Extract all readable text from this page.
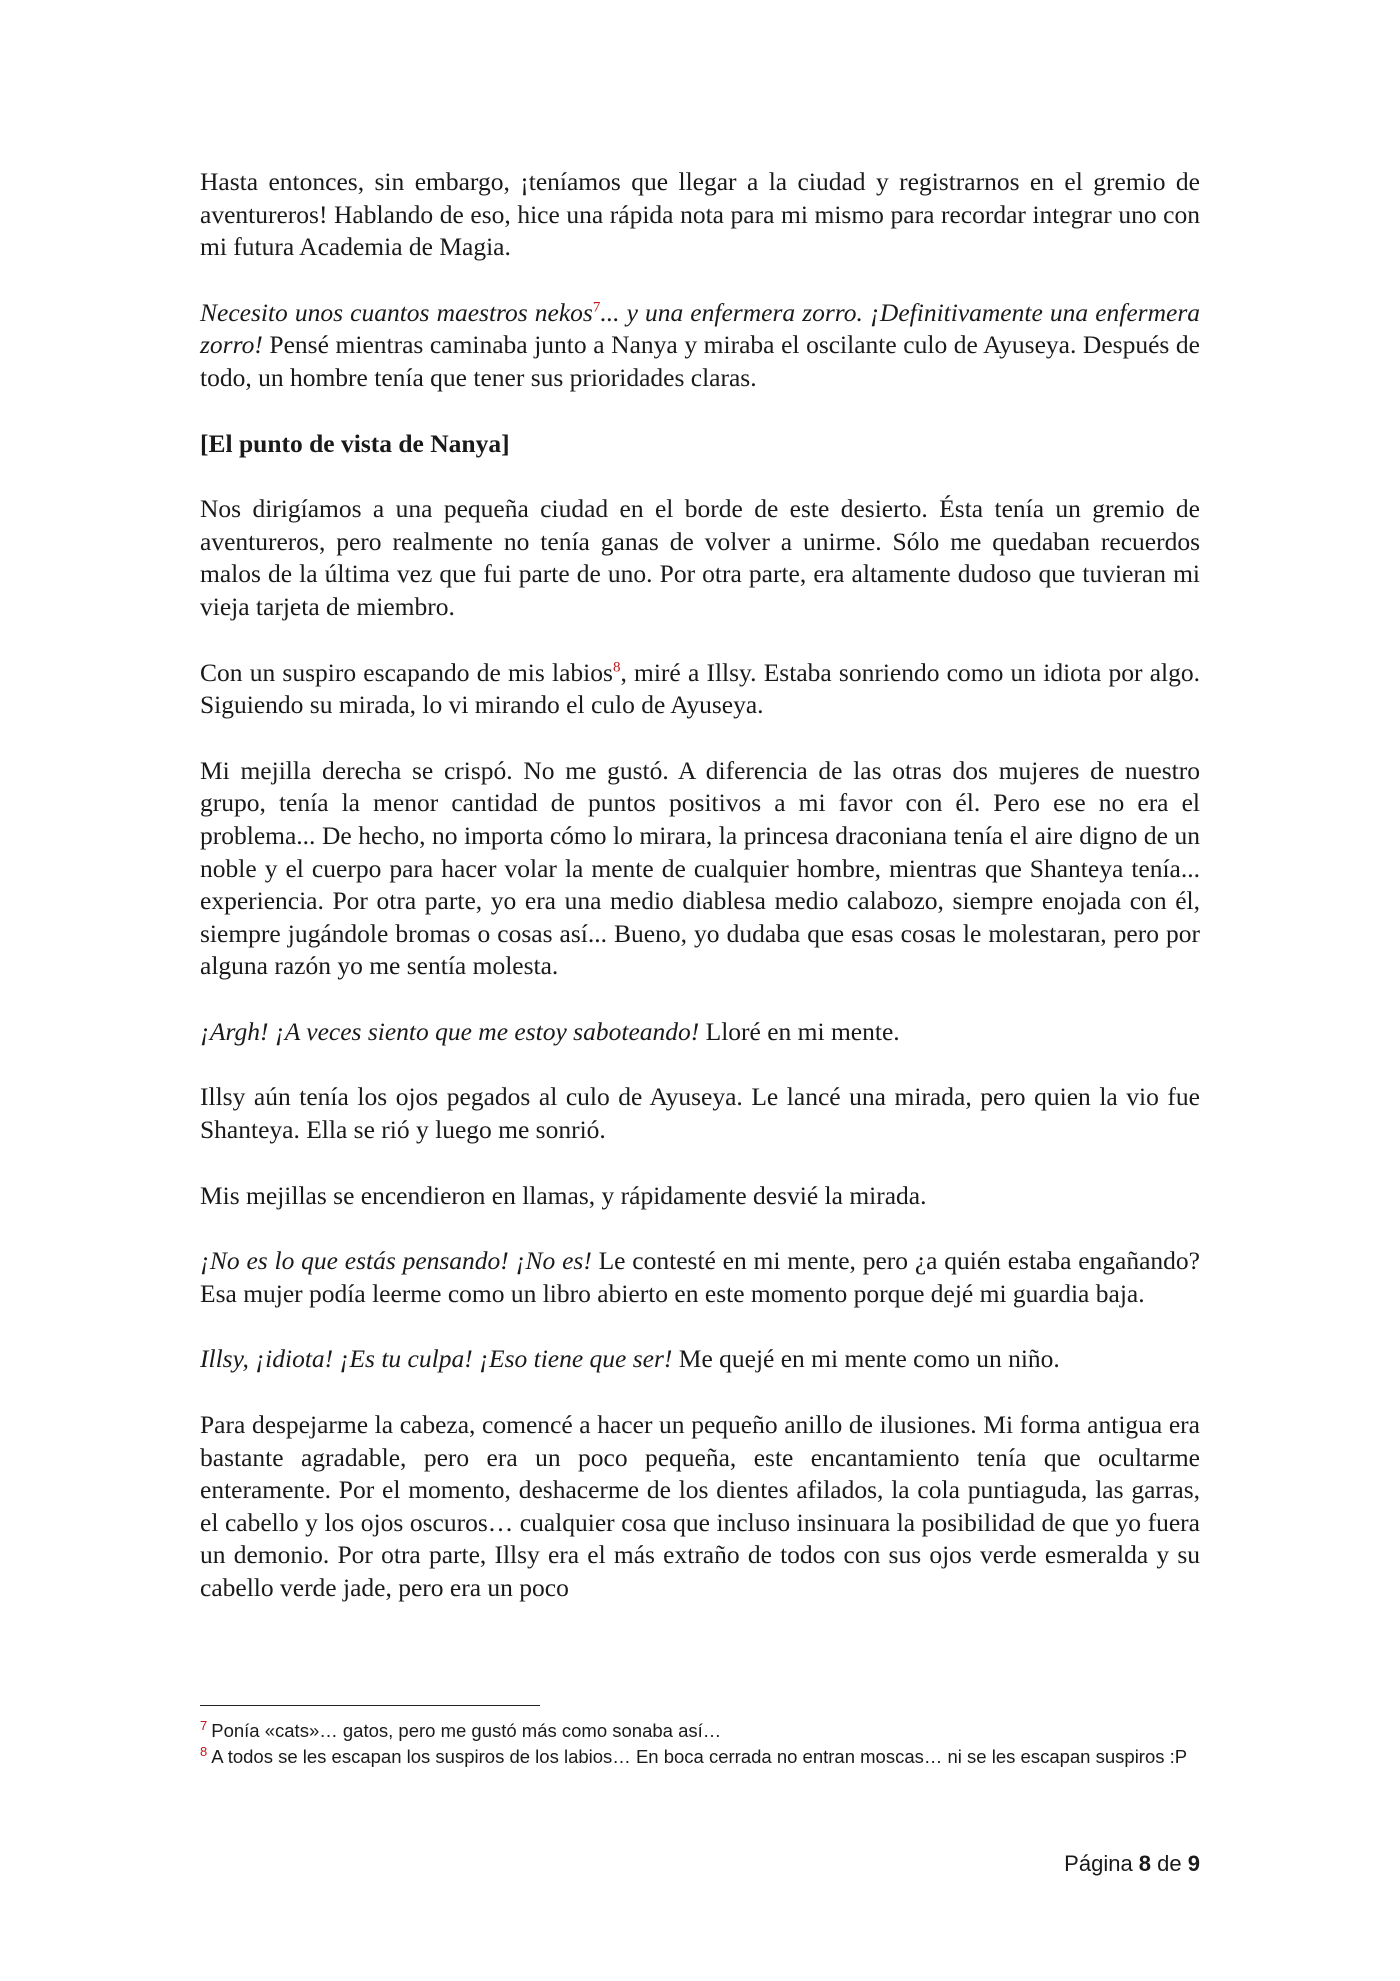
Hasta entonces, sin embargo, ¡teníamos que llegar a la ciudad y registrarnos en el gremio de aventureros! Hablando de eso, hice una rápida nota para mi mismo para recordar integrar uno con mi futura Academia de Magia.

Necesito unos cuantos maestros nekos$^7$... y una enfermera zorro. ¡Definitivamente una enfermera zorro! Pensé mientras caminaba junto a Nanya y miraba el oscilante culo de Ayuseya. Después de todo, un hombre tenía que tener sus prioridades claras.

[El punto de vista de Nanya]

Nos dirigíamos a una pequeña ciudad en el borde de este desierto. Ésta tenía un gremio de aventureros, pero realmente no tenía ganas de volver a unirme. Sólo me quedaban recuerdos malos de la última vez que fui parte de uno. Por otra parte, era altamente dudoso que tuvieran mi vieja tarjeta de miembro.

Con un suspiro escapando de mis labios$^8$, miré a Illsy. Estaba sonriendo como un idiota por algo. Siguiendo su mirada, lo vi mirando el culo de Ayuseya.

Mi mejilla derecha se crispó. No me gustó. A diferencia de las otras dos mujeres de nuestro grupo, tenía la menor cantidad de puntos positivos a mi favor con él. Pero ese no era el problema... De hecho, no importa cómo lo mirara, la princesa draconiana tenía el aire digno de un noble y el cuerpo para hacer volar la mente de cualquier hombre, mientras que Shanteya tenía... experiencia. Por otra parte, yo era una medio diablesa medio calabozo, siempre enojada con él, siempre jugándole bromas o cosas así... Bueno, yo dudaba que esas cosas le molestaran, pero por alguna razón yo me sentía molesta.

¡Argh! ¡A veces siento que me estoy saboteando! Lloré en mi mente.

Illsy aún tenía los ojos pegados al culo de Ayuseya. Le lancé una mirada, pero quien la vio fue Shanteya. Ella se rió y luego me sonrió.

Mis mejillas se encendieron en llamas, y rápidamente desvié la mirada.

¡No es lo que estás pensando! ¡No es! Le contesté en mi mente, pero ¿a quién estaba engañando? Esa mujer podía leerme como un libro abierto en este momento porque dejé mi guardia baja.

Illsy, ¡idiota! ¡Es tu culpa! ¡Eso tiene que ser! Me quejé en mi mente como un niño.

Para despejarme la cabeza, comencé a hacer un pequeño anillo de ilusiones. Mi forma antigua era bastante agradable, pero era un poco pequeña, este encantamiento tenía que ocultarme enteramente. Por el momento, deshacerme de los dientes afilados, la cola puntiaguda, las garras, el cabello y los ojos oscuros… cualquier cosa que incluso insinuara la posibilidad de que yo fuera un demonio. Por otra parte, Illsy era el más extraño de todos con sus ojos verde esmeralda y su cabello verde jade, pero era un poco

$^7$ Ponía «cats»… gatos, pero me gustó más como sonaba así…

$^8$ A todos se les escapan los suspiros de los labios… En boca cerrada no entran moscas… ni se les escapan suspiros :P

Página 8 de 9
